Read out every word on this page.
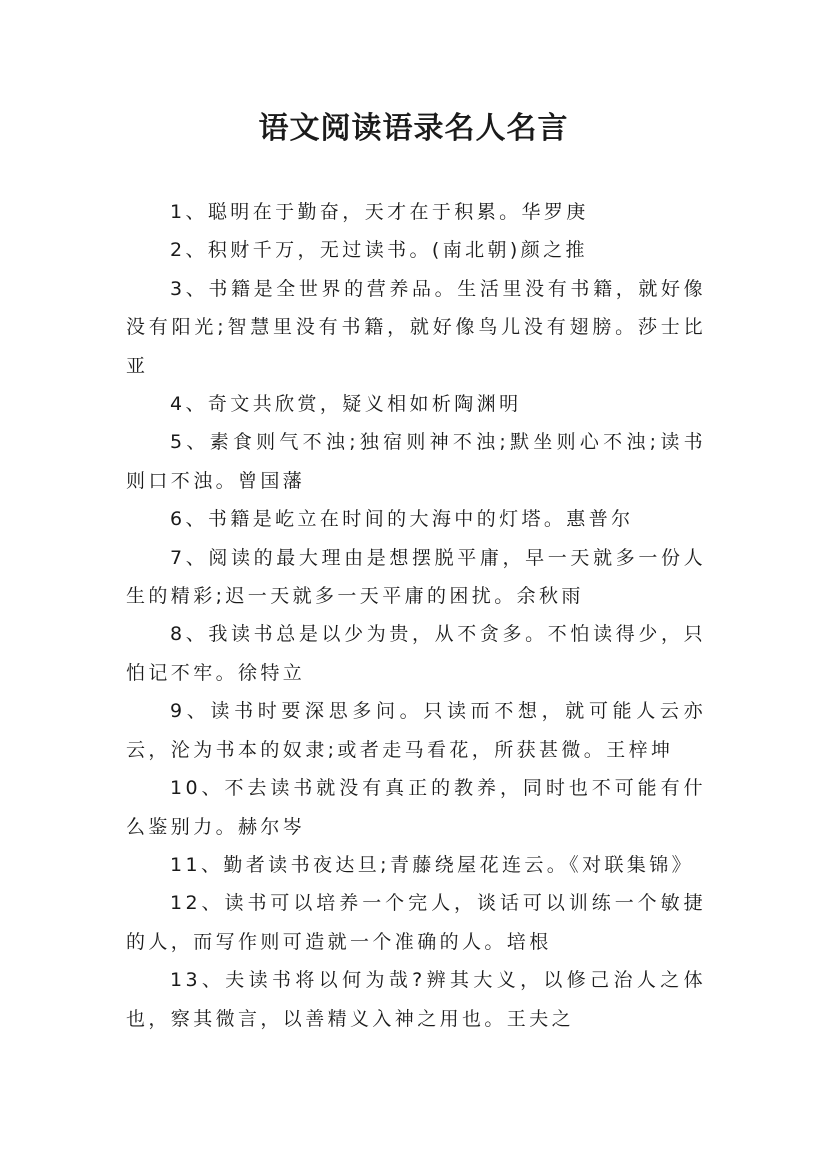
语文阅读语录名人名言

1、聪明在于勤奋，天才在于积累。华罗庚

2、积财千万，无过读书。(南北朝)颜之推

3、书籍是全世界的营养品。生活里没有书籍，就好像没有阳光;智慧里没有书籍，就好像鸟儿没有翅膀。莎士比亚

4、奇文共欣赏，疑义相如析陶渊明

5、素食则气不浊;独宿则神不浊;默坐则心不浊;读书则口不浊。曾国藩

6、书籍是屹立在时间的大海中的灯塔。惠普尔

7、阅读的最大理由是想摆脱平庸，早一天就多一份人生的精彩;迟一天就多一天平庸的困扰。余秋雨

8、我读书总是以少为贵，从不贪多。不怕读得少，只怕记不牢。徐特立

9、读书时要深思多问。只读而不想，就可能人云亦云，沦为书本的奴隶;或者走马看花，所获甚微。王梓坤

10、不去读书就没有真正的教养，同时也不可能有什么鉴别力。赫尔岑

11、勤者读书夜达旦;青藤绕屋花连云。《对联集锦》

12、读书可以培养一个完人，谈话可以训练一个敏捷的人，而写作则可造就一个准确的人。培根

13、夫读书将以何为哉?辨其大义，以修己治人之体也，察其微言，以善精义入神之用也。王夫之
